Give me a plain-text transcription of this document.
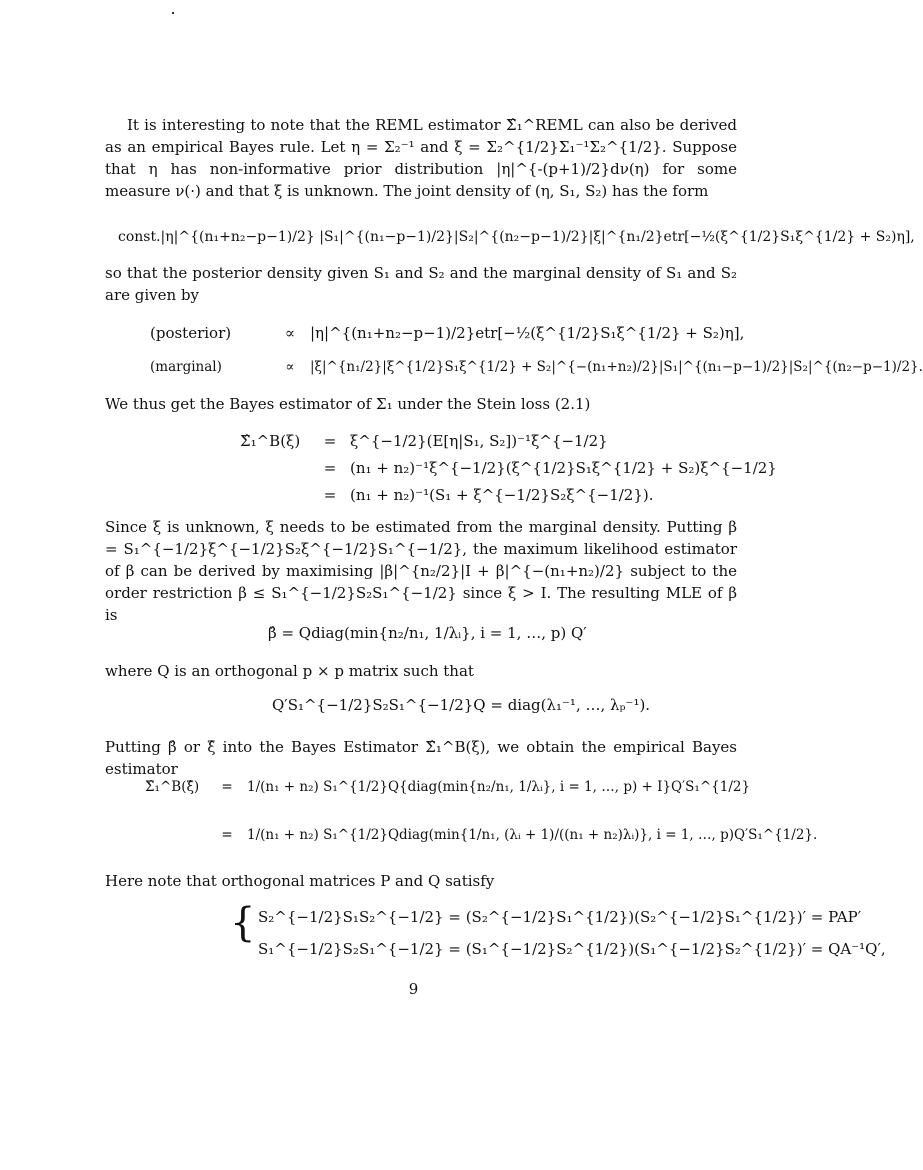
It is interesting to note that the REML estimator Σ̂₁^REML can also be derived as an empirical Bayes rule. Let η = Σ₂⁻¹ and ξ = Σ₂^{1/2}Σ₁⁻¹Σ₂^{1/2}. Suppose that η has non-informative prior distribution |η|^{-(p+1)/2}dν(η) for some measure ν(·) and that ξ is unknown. The joint density of (η, S₁, S₂) has the form

const.|η|^{(n₁+n₂−p−1)/2} |S₁|^{(n₁−p−1)/2}|S₂|^{(n₂−p−1)/2}|ξ|^{n₁/2}etr[−½(ξ^{1/2}S₁ξ^{1/2} + S₂)η],

so that the posterior density given S₁ and S₂ and the marginal density of S₁ and S₂ are given by

(posterior)	∝ |η|^{(n₁+n₂−p−1)/2}etr[−½(ξ^{1/2}S₁ξ^{1/2} + S₂)η],
(marginal)	∝ |ξ|^{n₁/2}|ξ^{1/2}S₁ξ^{1/2} + S₂|^{−(n₁+n₂)/2}|S₁|^{(n₁−p−1)/2}|S₂|^{(n₂−p−1)/2}.

We thus get the Bayes estimator of Σ₁ under the Stein loss (2.1)

Σ̂₁^B(ξ) = ξ^{−1/2}(E[η|S₁, S₂])⁻¹ξ^{−1/2}
= (n₁ + n₂)⁻¹ξ^{−1/2}(ξ^{1/2}S₁ξ^{1/2} + S₂)ξ^{−1/2}
= (n₁ + n₂)⁻¹(S₁ + ξ^{−1/2}S₂ξ^{−1/2}).

Since ξ is unknown, ξ needs to be estimated from the marginal density. Putting β = S₁^{−1/2}ξ^{−1/2}S₂ξ^{−1/2}S₁^{−1/2}, the maximum likelihood estimator of β can be derived by maximising |β|^{n₂/2}|I + β|^{−(n₁+n₂)/2} subject to the order restriction β ≤ S₁^{−1/2}S₂S₁^{−1/2} since ξ > I. The resulting MLE of β is

β̂ = Qdiag(min{n₂/n₁, 1/λᵢ}, i = 1, …, p) Q′

where Q is an orthogonal p × p matrix such that

Q′S₁^{−1/2}S₂S₁^{−1/2}Q = diag(λ₁⁻¹, …, λₚ⁻¹).

Putting β̂ or ξ̂ into the Bayes Estimator Σ̂₁^B(ξ), we obtain the empirical Bayes estimator

Σ̂₁^B(ξ̂) = 1/(n₁ + n₂) S₁^{1/2}Q{diag(min{n₂/n₁, 1/λᵢ}, i = 1, …, p) + I}Q′S₁^{1/2}
= 1/(n₁ + n₂) S₁^{1/2}Qdiag(min{1/n₁, (λᵢ + 1)/((n₁ + n₂)λᵢ)}, i = 1, …, p)Q′S₁^{1/2}.

Here note that orthogonal matrices P and Q satisfy

{ S₂^{−1/2}S₁S₂^{−1/2} = (S₂^{−1/2}S₁^{1/2})(S₂^{−1/2}S₁^{1/2})′ = PAP′
S₁^{−1/2}S₂S₁^{−1/2} = (S₁^{−1/2}S₂^{1/2})(S₁^{−1/2}S₂^{1/2})′ = QA⁻¹Q′,
9
